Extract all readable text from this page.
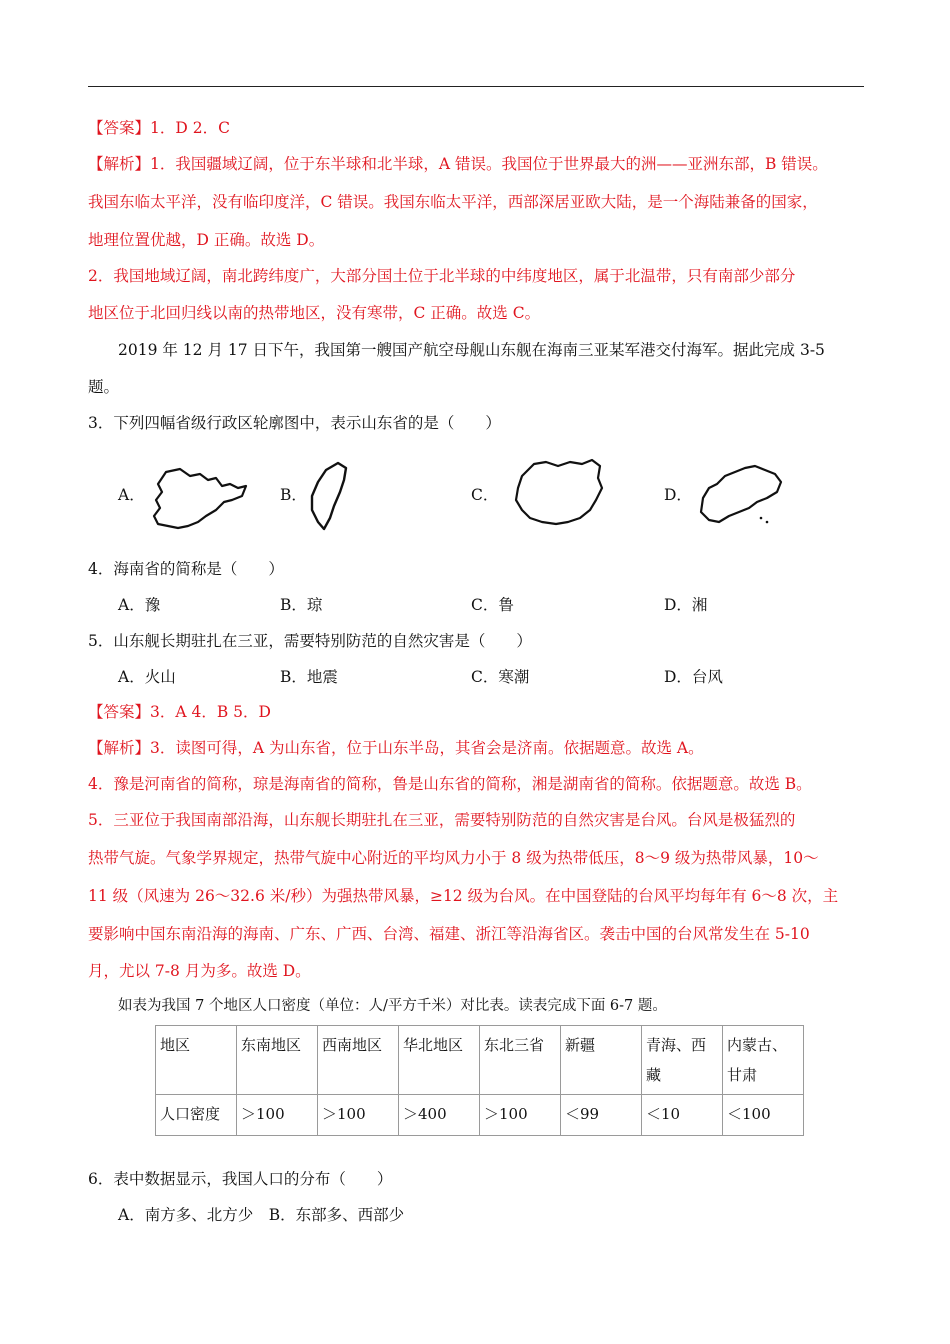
【答案】1．D 2．C
【解析】1．我国疆域辽阔，位于东半球和北半球，A 错误。我国位于世界最大的洲——亚洲东部，B 错误。
我国东临太平洋，没有临印度洋，C 错误。我国东临太平洋，西部深居亚欧大陆，是一个海陆兼备的国家，
地理位置优越，D 正确。故选 D。
2．我国地域辽阔，南北跨纬度广，大部分国土位于北半球的中纬度地区，属于北温带，只有南部少部分
地区位于北回归线以南的热带地区，没有寒带，C 正确。故选 C。
2019 年 12 月 17 日下午，我国第一艘国产航空母舰山东舰在海南三亚某军港交付海军。据此完成 3-5
题。
3．下列四幅省级行政区轮廓图中，表示山东省的是（　　）
A．	B．	C．	D．
4．海南省的简称是（　　）
A．豫	B．琼	C．鲁	D．湘
5．山东舰长期驻扎在三亚，需要特别防范的自然灾害是（　　）
A．火山	B．地震	C．寒潮	D．台风
【答案】3．A 4．B 5．D
【解析】3．读图可得，A 为山东省，位于山东半岛，其省会是济南。依据题意。故选 A。
4．豫是河南省的简称，琼是海南省的简称，鲁是山东省的简称，湘是湖南省的简称。依据题意。故选 B。
5．三亚位于我国南部沿海，山东舰长期驻扎在三亚，需要特别防范的自然灾害是台风。台风是极猛烈的
热带气旋。气象学界规定，热带气旋中心附近的平均风力小于 8 级为热带低压，8～9 级为热带风暴，10～
11 级（风速为 26～32.6 米/秒）为强热带风暴，≥12 级为台风。在中国登陆的台风平均每年有 6～8 次，主
要影响中国东南沿海的海南、广东、广西、台湾、福建、浙江等沿海省区。袭击中国的台风常发生在 5-10
月，尤以 7-8 月为多。故选 D。
如表为我国 7 个地区人口密度（单位：人/平方千米）对比表。读表完成下面 6-7 题。
地区	东南地区	西南地区	华北地区	东北三省	新疆	青海、西藏	内蒙古、甘肃
人口密度	＞100	＞100	＞400	＞100	＜99	＜10	＜100
6．表中数据显示，我国人口的分布（　　）
A．南方多、北方少　B．东部多、西部少
